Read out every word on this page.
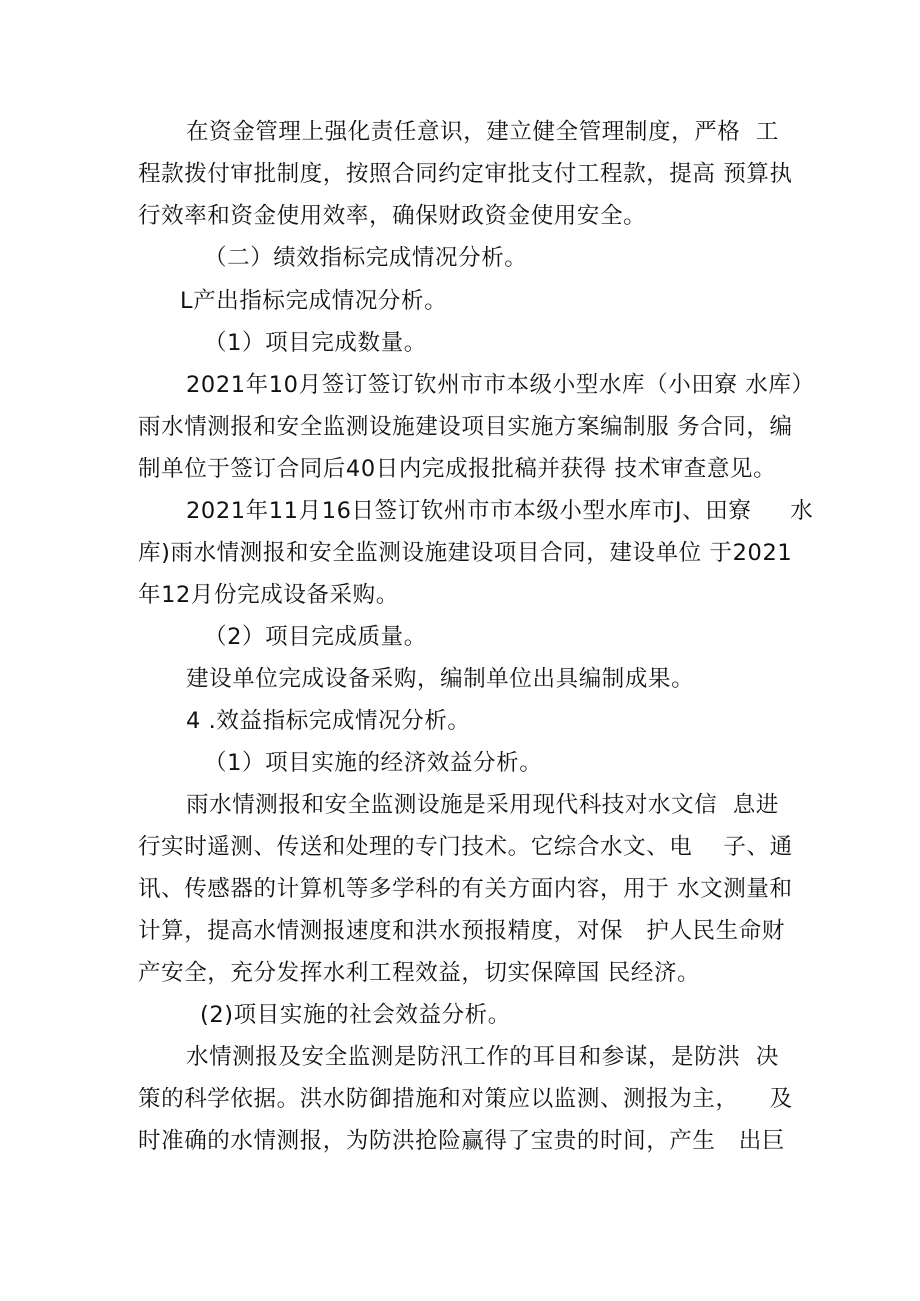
在资金管理上强化责任意识，建立健全管理制度，严格  工
程款拨付审批制度，按照合同约定审批支付工程款，提高 预算执
行效率和资金使用效率，确保财政资金使用安全。
（二）绩效指标完成情况分析。
L产出指标完成情况分析。
（1）项目完成数量。
2021年10月签订签订钦州市市本级小型水库（小田寮 水库）
雨水情测报和安全监测设施建设项目实施方案编制服 务合同，编
制单位于签订合同后40日内完成报批稿并获得 技术审查意见。
2021年11月16日签订钦州市市本级小型水库市J、田寮     水
库)雨水情测报和安全监测设施建设项目合同，建设单位 于2021
年12月份完成设备采购。
（2）项目完成质量。
建设单位完成设备采购，编制单位出具编制成果。
4 .效益指标完成情况分析。
（1）项目实施的经济效益分析。
雨水情测报和安全监测设施是采用现代科技对水文信  息进
行实时遥测、传送和处理的专门技术。它综合水文、电    子、通
讯、传感器的计算机等多学科的有关方面内容，用于 水文测量和
计算，提高水情测报速度和洪水预报精度，对保   护人民生命财
产安全，充分发挥水利工程效益，切实保障国 民经济。
(2)项目实施的社会效益分析。
水情测报及安全监测是防汛工作的耳目和参谋，是防洪  决
策的科学依据。洪水防御措施和对策应以监测、测报为主，    及
时准确的水情测报，为防洪抢险赢得了宝贵的时间，产生   出巨
